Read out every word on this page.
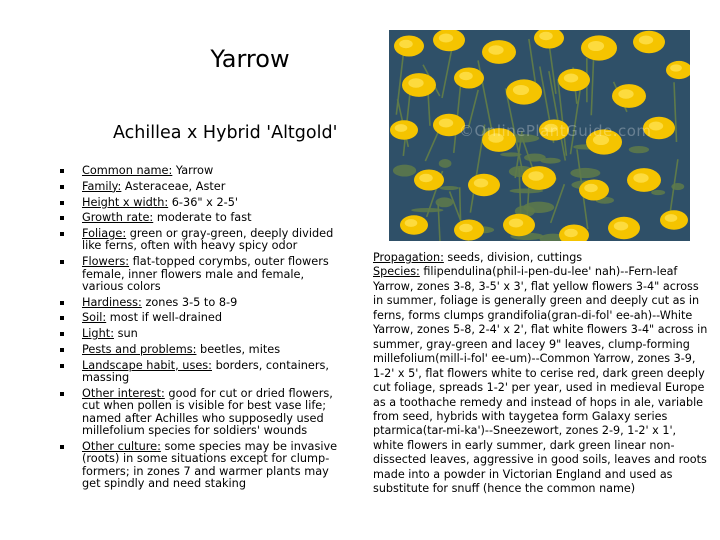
Yarrow
Achillea x Hybrid 'Altgold'	©OnlinePlantGuide.com
Common name: Yarrow
Family: Asteraceae, Aster
Height x width: 6-36" x 2-5'
Growth rate: moderate to fast
Foliage: green or gray-green, deeply divided like ferns, often with heavy spicy odor
Flowers: flat-topped corymbs, outer flowers female, inner flowers male and female, various colors
Hardiness: zones 3-5 to 8-9
Soil: most if well-drained
Light: sun
Pests and problems: beetles, mites
Landscape habit, uses: borders, containers, massing
Other interest: good for cut or dried flowers, cut when pollen is visible for best vase life; named after Achilles who supposedly used millefolium species for soldiers' wounds
Other culture: some species may be invasive (roots) in some situations except for clump-formers; in zones 7 and warmer plants may get spindly and need staking

Propagation: seeds, division, cuttings

Species: filipendulina(phil-i-pen-du-lee' nah)--Fern-leaf Yarrow, zones 3-8, 3-5' x 3', flat yellow flowers 3-4" across in summer, foliage is generally green and deeply cut as in ferns, forms clumps grandifolia(gran-di-fol' ee-ah)--White Yarrow, zones 5-8, 2-4' x 2', flat white flowers 3-4" across in summer, gray-green and lacey 9" leaves, clump-forming millefolium(mill-i-fol' ee-um)--Common Yarrow, zones 3-9, 1-2' x 5', flat flowers white to cerise red, dark green deeply cut foliage, spreads 1-2' per year, used in medieval Europe as a toothache remedy and instead of hops in ale, variable from seed, hybrids with taygetea form Galaxy series ptarmica(tar-mi-ka')--Sneezewort, zones 2-9, 1-2' x 1', white flowers in early summer, dark green linear non-dissected leaves, aggressive in good soils, leaves and roots made into a powder in Victorian England and used as substitute for snuff (hence the common name)
